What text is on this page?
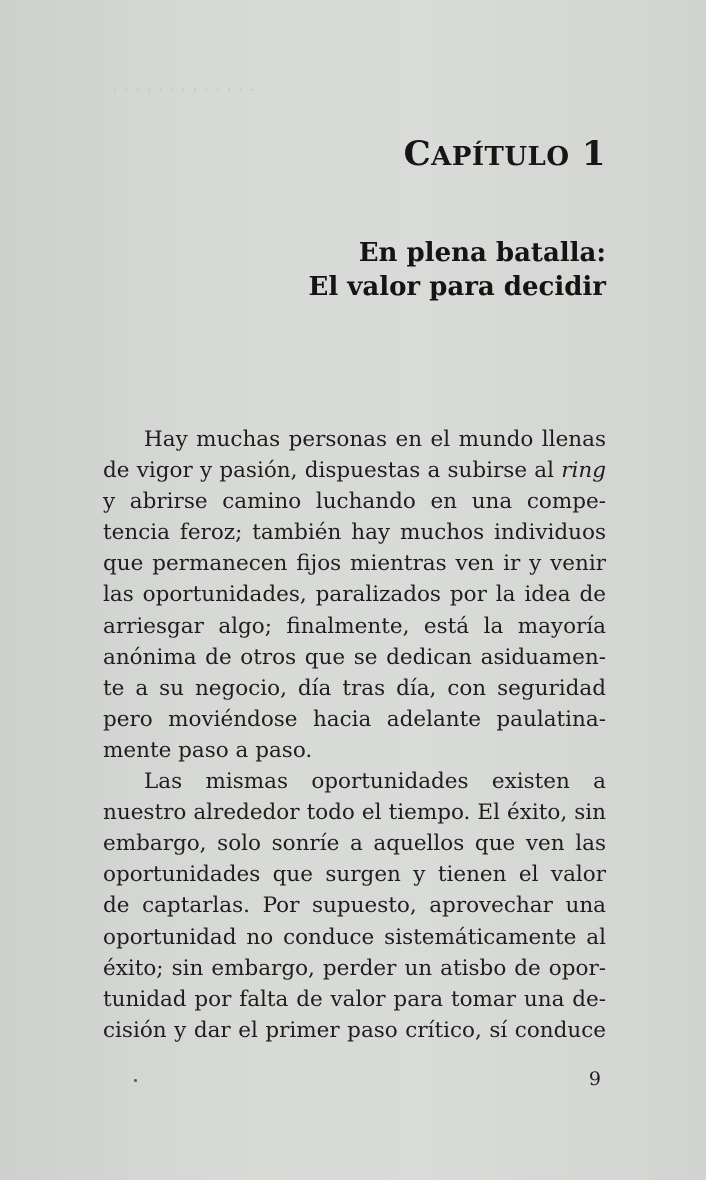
· · · · · · · · · · · · ·
CAPÍTULO 1
En plena batalla:
El valor para decidir
Hay muchas personas en el mundo llenas
de vigor y pasión, dispuestas a subirse al ring
y abrirse camino luchando en una compe-
tencia feroz; también hay muchos individuos
que permanecen fijos mientras ven ir y venir
las oportunidades, paralizados por la idea de
arriesgar algo; finalmente, está la mayoría
anónima de otros que se dedican asiduamen-
te a su negocio, día tras día, con seguridad
pero moviéndose hacia adelante paulatina-
mente paso a paso.
Las mismas oportunidades existen a
nuestro alrededor todo el tiempo. El éxito, sin
embargo, solo sonríe a aquellos que ven las
oportunidades que surgen y tienen el valor
de captarlas. Por supuesto, aprovechar una
oportunidad no conduce sistemáticamente al
éxito; sin embargo, perder un atisbo de opor-
tunidad por falta de valor para tomar una de-
cisión y dar el primer paso crítico, sí conduce
9
